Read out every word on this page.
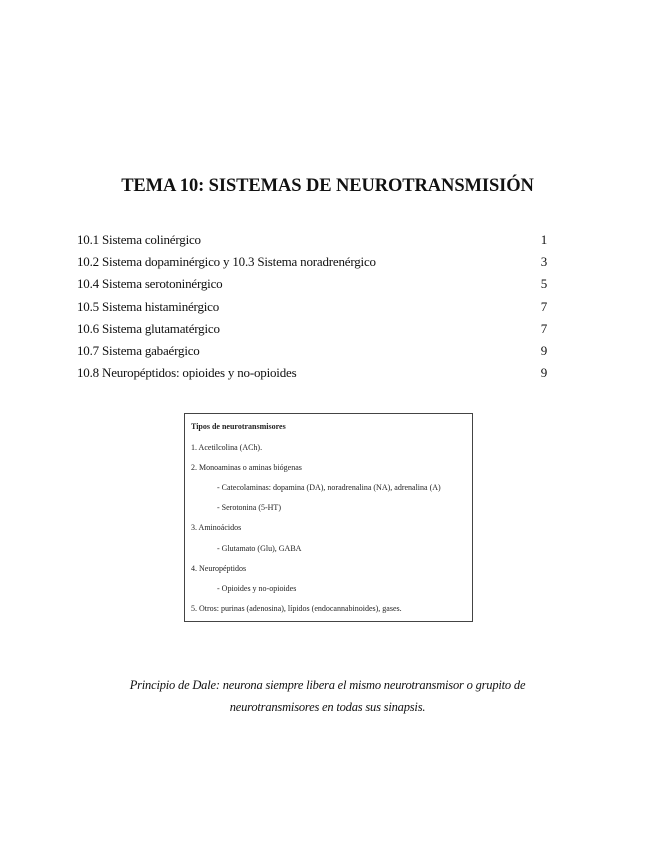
TEMA 10: SISTEMAS DE NEUROTRANSMISIÓN
10.1 Sistema colinérgico	1
10.2 Sistema dopaminérgico y 10.3 Sistema noradrenérgico	3
10.4 Sistema serotoninérgico	5
10.5 Sistema histaminérgico	7
10.6 Sistema glutamatérgico	7
10.7 Sistema gabaérgico	9
10.8 Neuropéptidos: opioides y no-opioides	9
Tipos de neurotransmisores
1. Acetilcolina (ACh).
2. Monoaminas o aminas biógenas
- Catecolaminas: dopamina (DA), noradrenalina (NA), adrenalina (A)
- Serotonina (5-HT)
3. Aminoácidos
- Glutamato (Glu), GABA
4. Neuropéptidos
- Opioides y no-opioides
5. Otros: purinas (adenosina), lípidos (endocannabinoides), gases.

Principio de Dale: neurona siempre libera el mismo neurotransmisor o grupito de
neurotransmisores en todas sus sinapsis.
